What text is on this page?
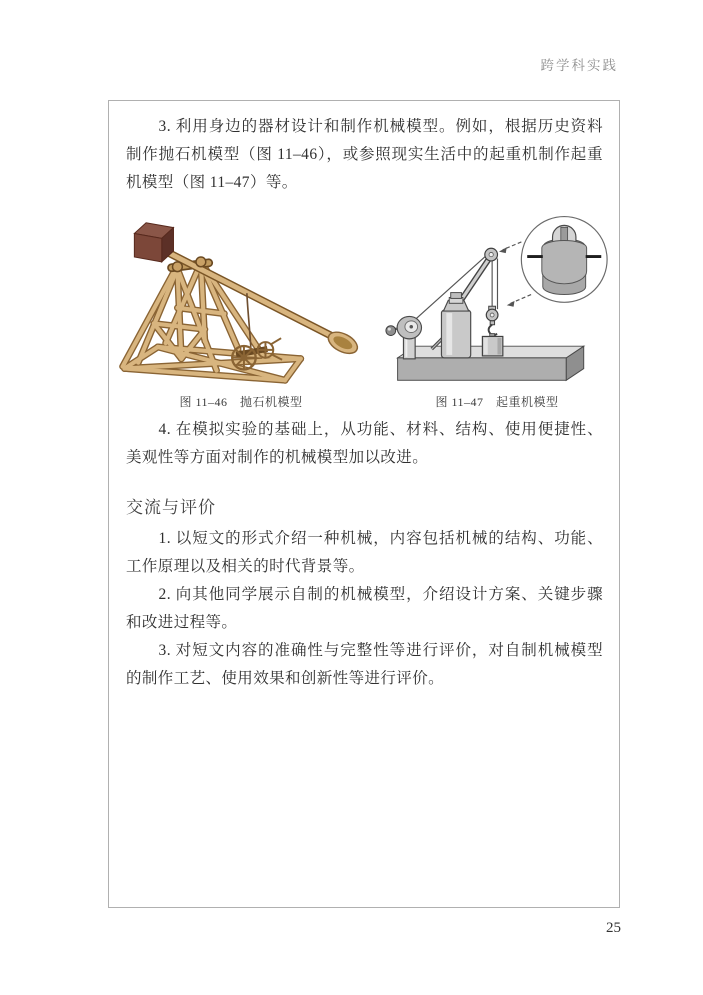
跨学科实践

3. 利用身边的器材设计和制作机械模型。例如，根据历史资料制作抛石机模型（图 11–46），或参照现实生活中的起重机制作起重机模型（图 11–47）等。

图 11–46　抛石机模型	图 11–47　起重机模型

4. 在模拟实验的基础上，从功能、材料、结构、使用便捷性、美观性等方面对制作的机械模型加以改进。

交流与评价

1. 以短文的形式介绍一种机械，内容包括机械的结构、功能、工作原理以及相关的时代背景等。

2. 向其他同学展示自制的机械模型，介绍设计方案、关键步骤和改进过程等。

3. 对短文内容的准确性与完整性等进行评价，对自制机械模型的制作工艺、使用效果和创新性等进行评价。

25
